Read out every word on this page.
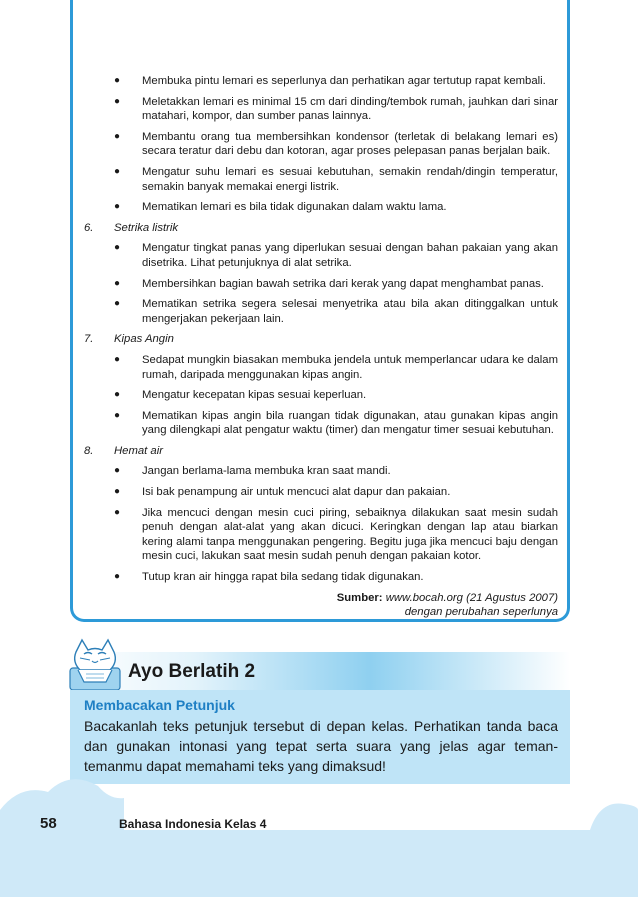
● Membuka pintu lemari es seperlunya dan perhatikan agar tertutup rapat kembali.
● Meletakkan lemari es minimal 15 cm dari dinding/tembok rumah, jauhkan dari sinar matahari, kompor, dan sumber panas lainnya.
● Membantu orang tua membersihkan kondensor (terletak di belakang lemari es) secara teratur dari debu dan kotoran, agar proses pelepasan panas berjalan baik.
● Mengatur suhu lemari es sesuai kebutuhan, semakin rendah/dingin temperatur, semakin banyak memakai energi listrik.
● Mematikan lemari es bila tidak digunakan dalam waktu lama.
6.	Setrika listrik
● Mengatur tingkat panas yang diperlukan sesuai dengan bahan pakaian yang akan disetrika. Lihat petunjuknya di alat setrika.
● Membersihkan bagian bawah setrika dari kerak yang dapat menghambat panas.
● Mematikan setrika segera selesai menyetrika atau bila akan ditinggalkan untuk mengerjakan pekerjaan lain.
7.	Kipas Angin
● Sedapat mungkin biasakan membuka jendela untuk memperlancar udara ke dalam rumah, daripada menggunakan kipas angin.
● Mengatur kecepatan kipas sesuai keperluan.
● Mematikan kipas angin bila ruangan tidak digunakan, atau gunakan kipas angin yang dilengkapi alat pengatur waktu (timer) dan mengatur timer sesuai kebutuhan.
8.	Hemat air
● Jangan berlama-lama membuka kran saat mandi.
● Isi bak penampung air untuk mencuci alat dapur dan pakaian.
● Jika mencuci dengan mesin cuci piring, sebaiknya dilakukan saat mesin sudah penuh dengan alat-alat yang akan dicuci. Keringkan dengan lap atau biarkan kering alami tanpa menggunakan pengering. Begitu juga jika mencuci baju dengan mesin cuci, lakukan saat mesin sudah penuh dengan pakaian kotor.
● Tutup kran air hingga rapat bila sedang tidak digunakan.
Sumber: www.bocah.org (21 Agustus 2007)
dengan perubahan seperlunya
Ayo Berlatih 2
Membacakan Petunjuk
Bacakanlah teks petunjuk tersebut di depan kelas. Perhatikan tanda baca dan gunakan intonasi yang tepat serta suara yang jelas agar teman-temanmu dapat memahami teks yang dimaksud!
58	Bahasa Indonesia Kelas 4
